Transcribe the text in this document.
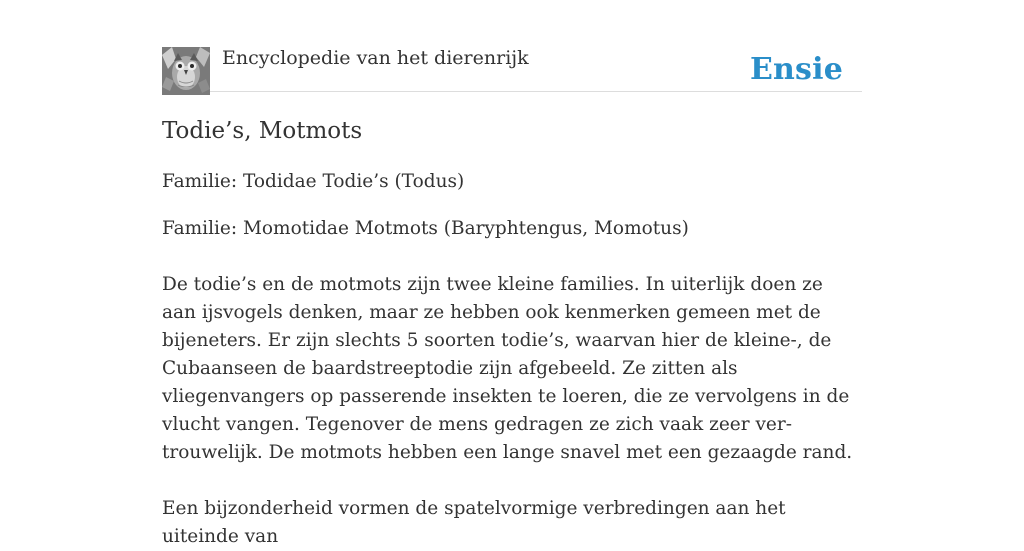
Encyclopedie van het dierenrijk	Ensie
Todie’s, Motmots

Familie: Todidae Todie’s (Todus)

Familie: Momotidae Motmots (Baryphtengus, Momotus)

De todie’s en de motmots zijn twee kleine families. In uiterlijk doen ze aan ijsvogels denken, maar ze hebben ook kenmerken gemeen met de bijeneters. Er zijn slechts 5 soorten todie’s, waarvan hier de kleine-, de Cubaanseen de baardstreeptodie zijn afgebeeld. Ze zitten als vliegenvangers op passerende insekten te loeren, die ze vervolgens in de vlucht vangen. Tegenover de mens gedragen ze zich vaak zeer ver-trouwelijk. De motmots hebben een lange snavel met een gezaagde rand.

Een bijzonderheid vormen de spatelvormige verbredingen aan het uiteinde van
